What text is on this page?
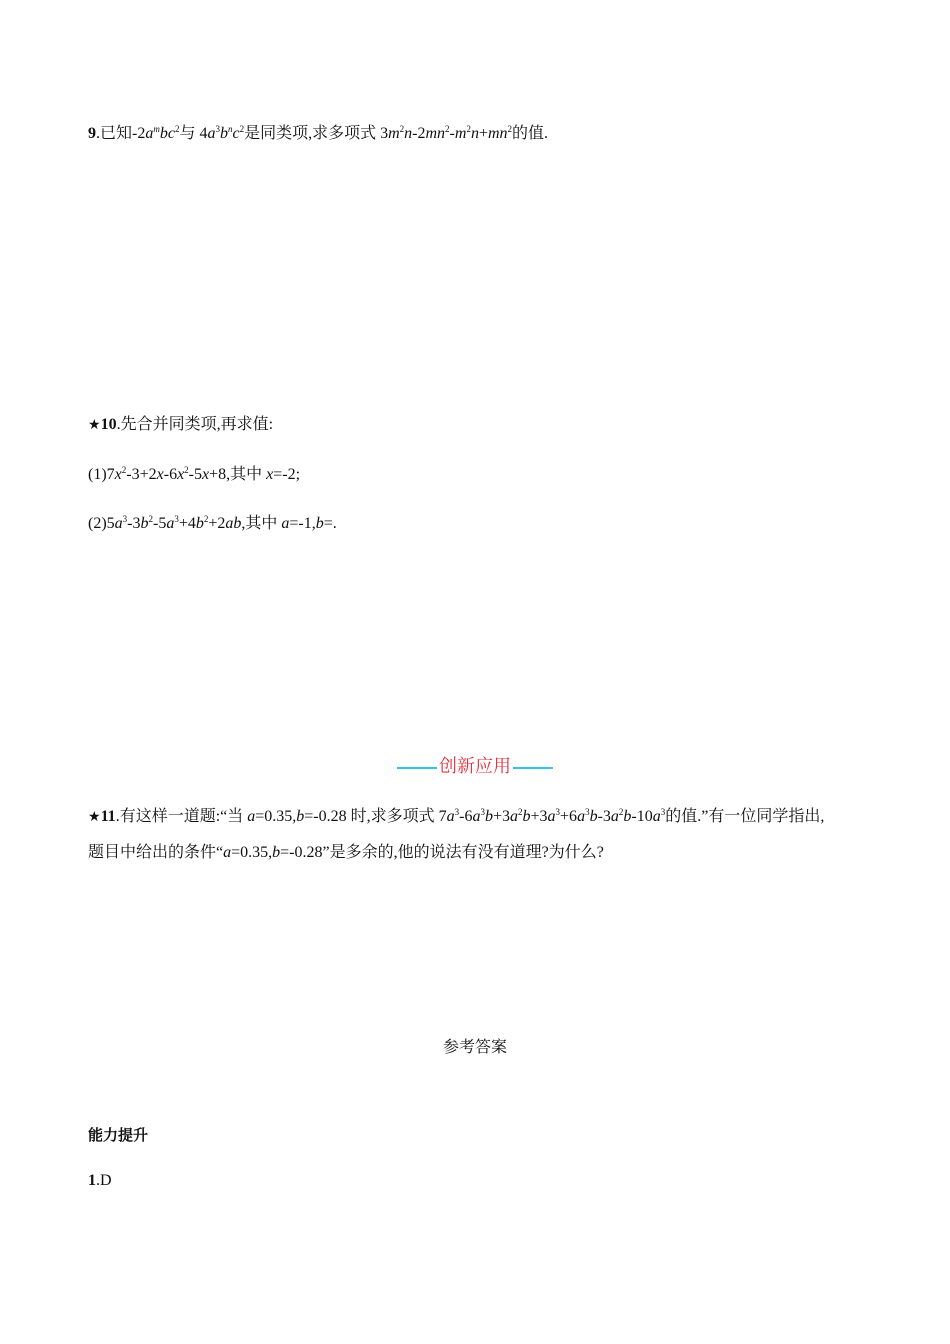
9.已知$-2a^mbc^2$与 $4a^3b^nc^2$是同类项,求多项式 $3m^2n-2mn^2-m^2n+mn^2$的值.
★10.先合并同类项,再求值:
$(1)7x^2-3+2x-6x^2-5x+8$,其中 x=-2;
$(2)5a^3-3b^2-5a^3+4b^2+2ab$,其中 a=-1,b=.
创新应用
★11.有这样一道题:“当 a=0.35,b=-0.28 时,求多项式 $7a^3-6a^3b+3a^2b+3a^3+6a^3b-3a^2b-10a^3$的值.”有一位同学指出,
题目中给出的条件“a=0.35,b=-0.28”是多余的,他的说法有没有道理?为什么?
参考答案
能力提升
1.D
